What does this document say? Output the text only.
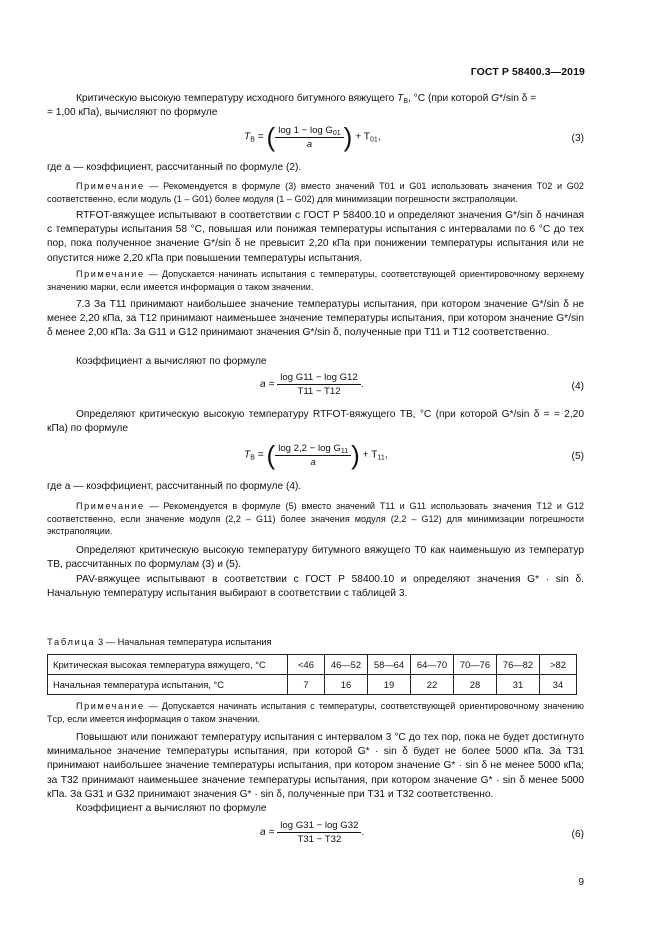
ГОСТ Р 58400.3—2019

Критическую высокую температуру исходного битумного вяжущего $T_B$, °C (при которой G*/sin δ =
= 1,00 кПа), вычисляют по формуле

$T_B$ = ( $\frac{\log 1 - \log G_{01}}{a}$ ) + $T_{01}$,	(3)

где a — коэффициент, рассчитанный по формуле (2).

Примечание — Рекомендуется в формуле (3) вместо значений T01 и G01 использовать значения T02 и G02 соответственно, если модуль (1 – G01) более модуля (1 – G02) для минимизации погрешности экстраполяции.

RTFOT-вяжущее испытывают в соответствии с ГОСТ Р 58400.10 и определяют значения G*/sin δ начиная с температуры испытания 58 °C, повышая или понижая температуры испытания с интервалами по 6 °C до тех пор, пока полученное значение G*/sin δ не превысит 2,20 кПа при понижении температуры испытания или не опустится ниже 2,20 кПа при повышении температуры испытания.

Примечание — Допускается начинать испытания с температуры, соответствующей ориентировочному верхнему значению марки, если имеется информация о таком значении.

7.3 За T11 принимают наибольшее значение температуры испытания, при котором значение G*/sin δ не менее 2,20 кПа, за T12 принимают наименьшее значение температуры испытания, при котором значение G*/sin δ менее 2,00 кПа. За G11 и G12 принимают значения G*/sin δ, полученные при T11 и T12 соответственно.

Коэффициент a вычисляют по формуле

$a = \frac{\text{log G11 − log G12}}{T11 - T12}$ .	(4)

Определяют критическую высокую температуру RTFOT-вяжущего TB, °C (при которой G*/sin δ = = 2,20 кПа) по формуле

$T_B$ = ( $\frac{\log 2,2 - \log G_{11}}{a}$ ) + $T_{11}$,	(5)

где a — коэффициент, рассчитанный по формуле (4).

Примечание — Рекомендуется в формуле (5) вместо значений T11 и G11 использовать значения T12 и G12 соответственно, если значение модуля (2,2 – G11) более значения модуля (2,2 – G12) для минимизации погрешности экстраполяции.

Определяют критическую высокую температуру битумного вяжущего T0 как наименьшую из температур TB, рассчитанных по формулам (3) и (5).

PAV-вяжущее испытывают в соответствии с ГОСТ Р 58400.10 и определяют значения G* · sin δ. Начальную температуру испытания выбирают в соответствии с таблицей 3.

Таблица 3 — Начальная температура испытания
Критическая высокая температура вяжущего, °C	<46	46—52	58—64	64—70	70—76	76—82	>82
Начальная температура испытания, °C	7	16	19	22	28	31	34

Примечание — Допускается начинать испытания с температуры, соответствующей ориентировочному значению Tср, если имеется информация о таком значении.

Повышают или понижают температуру испытания с интервалом 3 °C до тех пор, пока не будет достигнуто минимальное значение температуры испытания, при которой G* · sin δ будет не более 5000 кПа. За T31 принимают наибольшее значение температуры испытания, при котором значение G* · sin δ не менее 5000 кПа; за T32 принимают наименьшее значение температуры испытания, при котором значение G* · sin δ менее 5000 кПа. За G31 и G32 принимают значения G* · sin δ, полученные при T31 и T32 соответственно.

Коэффициент a вычисляют по формуле

$a = \frac{\text{log G31 − log G32}}{T31 - T32}$ .	(6)
9
